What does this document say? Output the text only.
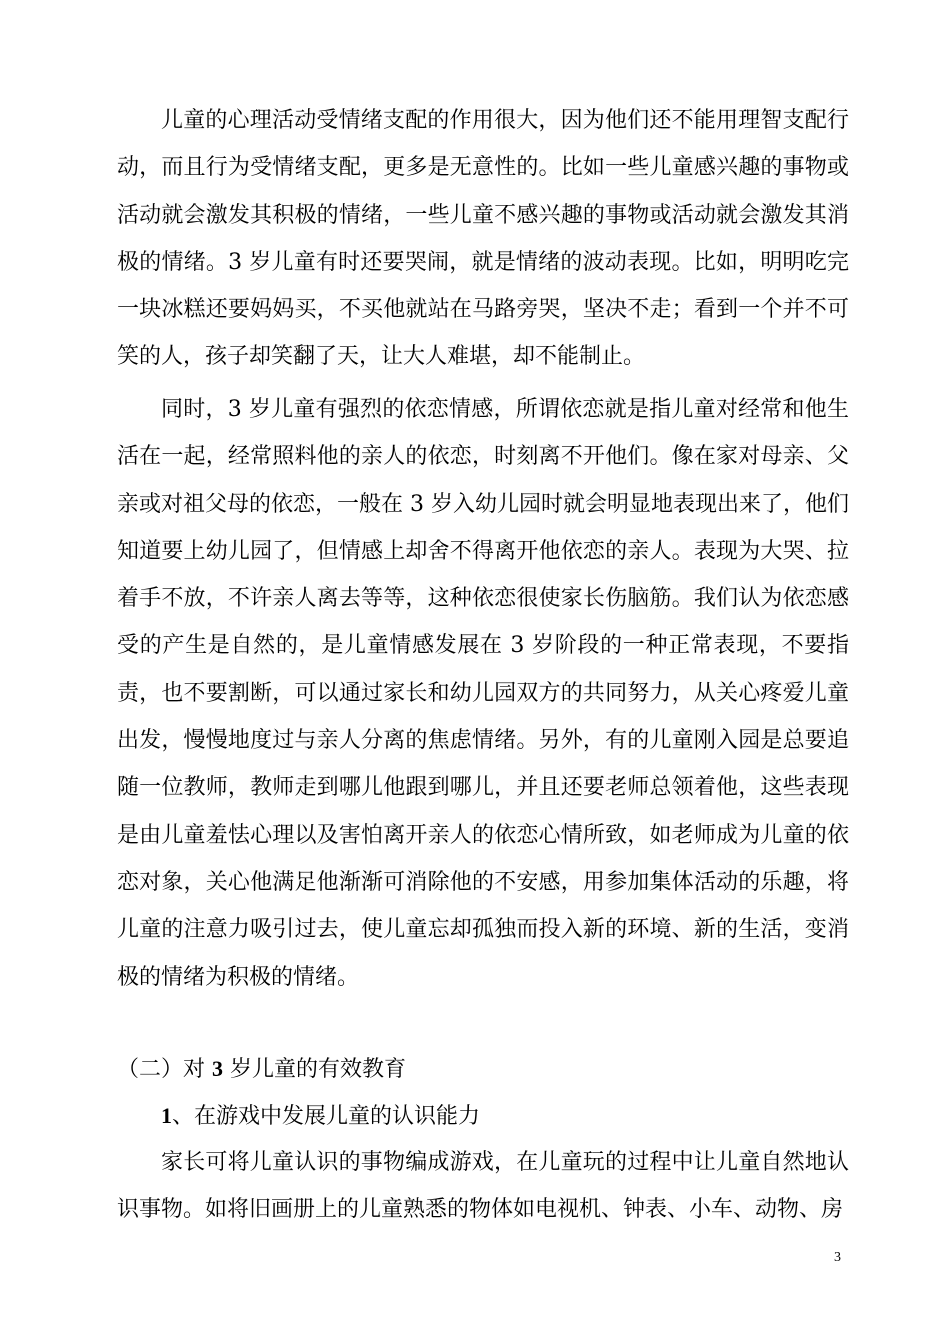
儿童的心理活动受情绪支配的作用很大，因为他们还不能用理智支配行动，而且行为受情绪支配，更多是无意性的。比如一些儿童感兴趣的事物或活动就会激发其积极的情绪，一些儿童不感兴趣的事物或活动就会激发其消极的情绪。3 岁儿童有时还要哭闹，就是情绪的波动表现。比如，明明吃完一块冰糕还要妈妈买，不买他就站在马路旁哭，坚决不走；看到一个并不可笑的人，孩子却笑翻了天，让大人难堪，却不能制止。

同时，3 岁儿童有强烈的依恋情感，所谓依恋就是指儿童对经常和他生活在一起，经常照料他的亲人的依恋，时刻离不开他们。像在家对母亲、父亲或对祖父母的依恋，一般在 3 岁入幼儿园时就会明显地表现出来了，他们知道要上幼儿园了，但情感上却舍不得离开他依恋的亲人。表现为大哭、拉着手不放，不许亲人离去等等，这种依恋很使家长伤脑筋。我们认为依恋感受的产生是自然的，是儿童情感发展在 3 岁阶段的一种正常表现，不要指责，也不要割断，可以通过家长和幼儿园双方的共同努力，从关心疼爱儿童出发，慢慢地度过与亲人分离的焦虑情绪。另外，有的儿童刚入园是总要追随一位教师，教师走到哪儿他跟到哪儿，并且还要老师总领着他，这些表现是由儿童羞怯心理以及害怕离开亲人的依恋心情所致，如老师成为儿童的依恋对象，关心他满足他渐渐可消除他的不安感，用参加集体活动的乐趣，将儿童的注意力吸引过去，使儿童忘却孤独而投入新的环境、新的生活，变消极的情绪为积极的情绪。

（二）对 3 岁儿童的有效教育

1、在游戏中发展儿童的认识能力

家长可将儿童认识的事物编成游戏，在儿童玩的过程中让儿童自然地认识事物。如将旧画册上的儿童熟悉的物体如电视机、钟表、小车、动物、房

3
